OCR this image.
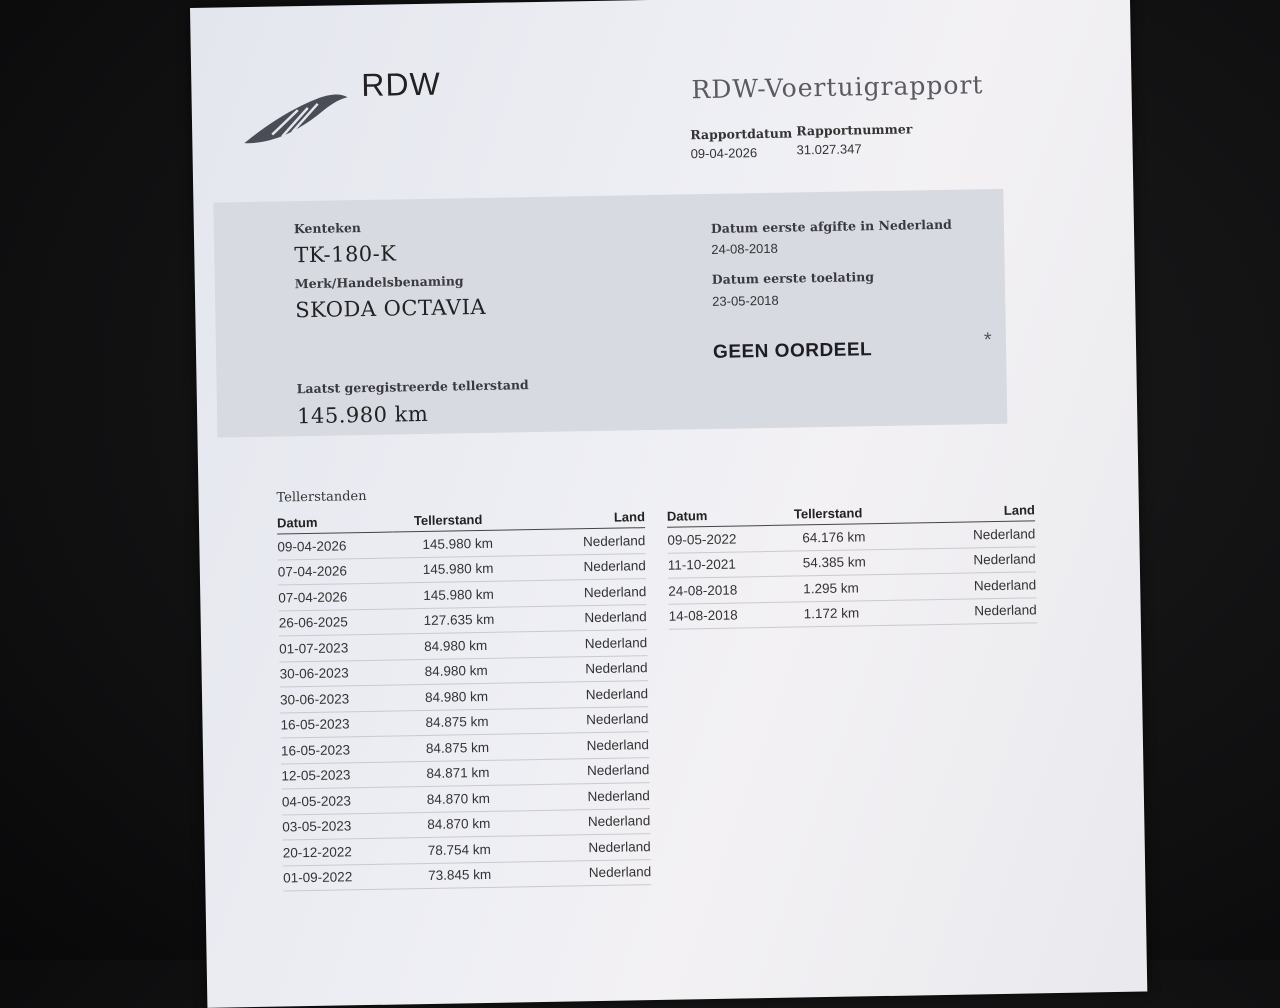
RDW	RDW-Voertuigrapport
Rapportdatum
09-04-2026
Rapportnummer
31.027.347
Kenteken
TK-180-K
Merk/Handelsbenaming
SKODA OCTAVIA
Laatst geregistreerde tellerstand
145.980 km
Datum eerste afgifte in Nederland
24-08-2018
Datum eerste toelating
23-05-2018
GEEN OORDEEL	*
Tellerstanden
Datum	Tellerstand	Land
09-04-2026	145.980 km	Nederland
07-04-2026	145.980 km	Nederland
07-04-2026	145.980 km	Nederland
26-06-2025	127.635 km	Nederland
01-07-2023	84.980 km	Nederland
30-06-2023	84.980 km	Nederland
30-06-2023	84.980 km	Nederland
16-05-2023	84.875 km	Nederland
16-05-2023	84.875 km	Nederland
12-05-2023	84.871 km	Nederland
04-05-2023	84.870 km	Nederland
03-05-2023	84.870 km	Nederland
20-12-2022	78.754 km	Nederland
01-09-2022	73.845 km	Nederland
Datum	Tellerstand	Land
09-05-2022	64.176 km	Nederland
11-10-2021	54.385 km	Nederland
24-08-2018	1.295 km	Nederland
14-08-2018	1.172 km	Nederland
